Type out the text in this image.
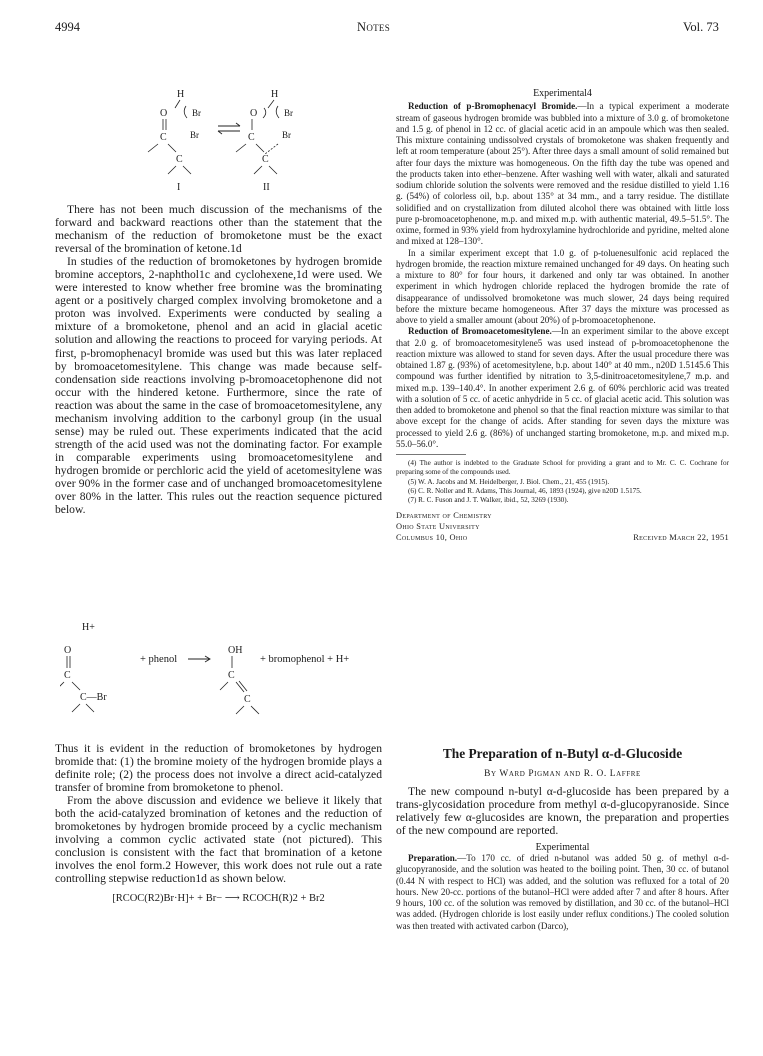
4994	Notes	Vol. 73
H	H
O	Br	O	Br
C	Br	C	Br
C	C
I	II

There has not been much discussion of the mechanisms of the forward and backward reactions other than the statement that the mechanism of the reduction of bromoketone must be the exact reversal of the bromination of ketone.1d

In studies of the reduction of bromoketones by hydrogen bromide bromine acceptors, 2-naphthol1c and cyclohexene,1d were used. We were interested to know whether free bromine was the brominating agent or a positively charged complex involving bromoketone and a proton was involved. Experiments were conducted by sealing a mixture of a bromoketone, phenol and an acid in glacial acetic solution and allowing the reactions to proceed for varying periods. At first, p-bromophenacyl bromide was used but this was later replaced by bromoacetomesitylene. This change was made because self-condensation side reactions involving p-bromoacetophenone did not occur with the hindered ketone. Furthermore, since the rate of reaction was about the same in the case of bromoacetomesitylene, any mechanism involving addition to the carbonyl group (in the usual sense) may be ruled out. These experiments indicated that the acid strength of the acid used was not the dominating factor. For example in comparable experiments using bromoacetomesitylene and hydrogen bromide or perchloric acid the yield of acetomesitylene was over 90% in the former case and of unchanged bromoacetomesitylene over 80% in the latter. This rules out the reaction sequence pictured below.

H+
O
C
C—Br
+ phenol
OH
C
C
+ bromophenol + H+

Thus it is evident in the reduction of bromoketones by hydrogen bromide that: (1) the bromine moiety of the hydrogen bromide plays a definite role; (2) the process does not involve a direct acid-catalyzed transfer of bromine from bromoketone to phenol.

From the above discussion and evidence we believe it likely that both the acid-catalyzed bromination of ketones and the reduction of bromoketones by hydrogen bromide proceed by a cyclic mechanism involving a common cyclic activated state (not pictured). This conclusion is consistent with the fact that bromination of a ketone involves the enol form.2 However, this work does not rule out a rate controlling stepwise reduction1d as shown below.

[RCOC(R2)Br·H]+ + Br− ⟶ RCOCH(R)2 + Br2

Experimental4

Reduction of p-Bromophenacyl Bromide.—In a typical experiment a moderate stream of gaseous hydrogen bromide was bubbled into a mixture of 3.0 g. of bromoketone and 1.5 g. of phenol in 12 cc. of glacial acetic acid in an ampoule which was then sealed. This mixture containing undissolved crystals of bromoketone was shaken frequently and left at room temperature (about 25°). After three days a small amount of solid remained but after four days the mixture was homogeneous. On the fifth day the tube was opened and the products taken into ether–benzene. After washing well with water, alkali and saturated sodium chloride solution the solvents were removed and the residue distilled to yield 1.16 g. (54%) of colorless oil, b.p. about 135° at 34 mm., and a tarry residue. The distillate solidified and on crystallization from diluted alcohol there was obtained with little loss pure p-bromoacetophenone, m.p. and mixed m.p. with authentic material, 49.5–51.5°. The oxime, formed in 93% yield from hydroxylamine hydrochloride and pyridine, melted alone and mixed at 128–130°.

In a similar experiment except that 1.0 g. of p-toluenesulfonic acid replaced the hydrogen bromide, the reaction mixture remained unchanged for 49 days. On heating such a mixture to 80° for four hours, it darkened and only tar was obtained. In another experiment in which hydrogen chloride replaced the hydrogen bromide the rate of disappearance of undissolved bromoketone was much slower, 24 days being required before the mixture became homogeneous. After 37 days the mixture was processed as above to yield a smaller amount (about 20%) of p-bromoacetophenone.

Reduction of Bromoacetomesitylene.—In an experiment similar to the above except that 2.0 g. of bromoacetomesitylene5 was used instead of p-bromoacetophenone the reaction mixture was allowed to stand for seven days. After the usual procedure there was obtained 1.87 g. (93%) of acetomesitylene, b.p. about 140° at 40 mm., n20D 1.5145.6 This compound was further identified by nitration to 3,5-dinitroacetomesitylene,7 m.p. and mixed m.p. 139–140.4°. In another experiment 2.6 g. of 60% perchloric acid was treated with a solution of 5 cc. of acetic anhydride in 5 cc. of glacial acetic acid. This solution was then added to bromoketone and phenol so that the final reaction mixture was similar to that above except for the change of acids. After standing for seven days the mixture was processed to yield 2.6 g. (86%) of unchanged starting bromoketone, m.p. and mixed m.p. 55.0–56.0°.

(4) The author is indebted to the Graduate School for providing a grant and to Mr. C. C. Cochrane for preparing some of the compounds used.

(5) W. A. Jacobs and M. Heidelberger, J. Biol. Chem., 21, 455 (1915).

(6) C. R. Noller and R. Adams, This Journal, 46, 1893 (1924), give n20D 1.5175.

(7) R. C. Fuson and J. T. Walker, ibid., 52, 3269 (1930).

Department of Chemistry
Ohio State University
Columbus 10, Ohio	Received March 22, 1951
The Preparation of n-Butyl α-d-Glucoside
By Ward Pigman and R. O. Laffre

The new compound n-butyl α-d-glucoside has been prepared by a trans-glycosidation procedure from methyl α-d-glucopyranoside. Since relatively few α-glucosides are known, the preparation and properties of the new compound are reported.

Experimental

Preparation.—To 170 cc. of dried n-butanol was added 50 g. of methyl α-d-glucopyranoside, and the solution was heated to the boiling point. Then, 30 cc. of butanol (0.44 N with respect to HCl) was added, and the solution was refluxed for a total of 20 hours. New 20-cc. portions of the butanol–HCl were added after 7 and after 8 hours. After 9 hours, 100 cc. of the solution was removed by distillation, and 30 cc. of the butanol–HCl was added. (Hydrogen chloride is lost easily under reflux conditions.) The cooled solution was then treated with activated carbon (Darco),
